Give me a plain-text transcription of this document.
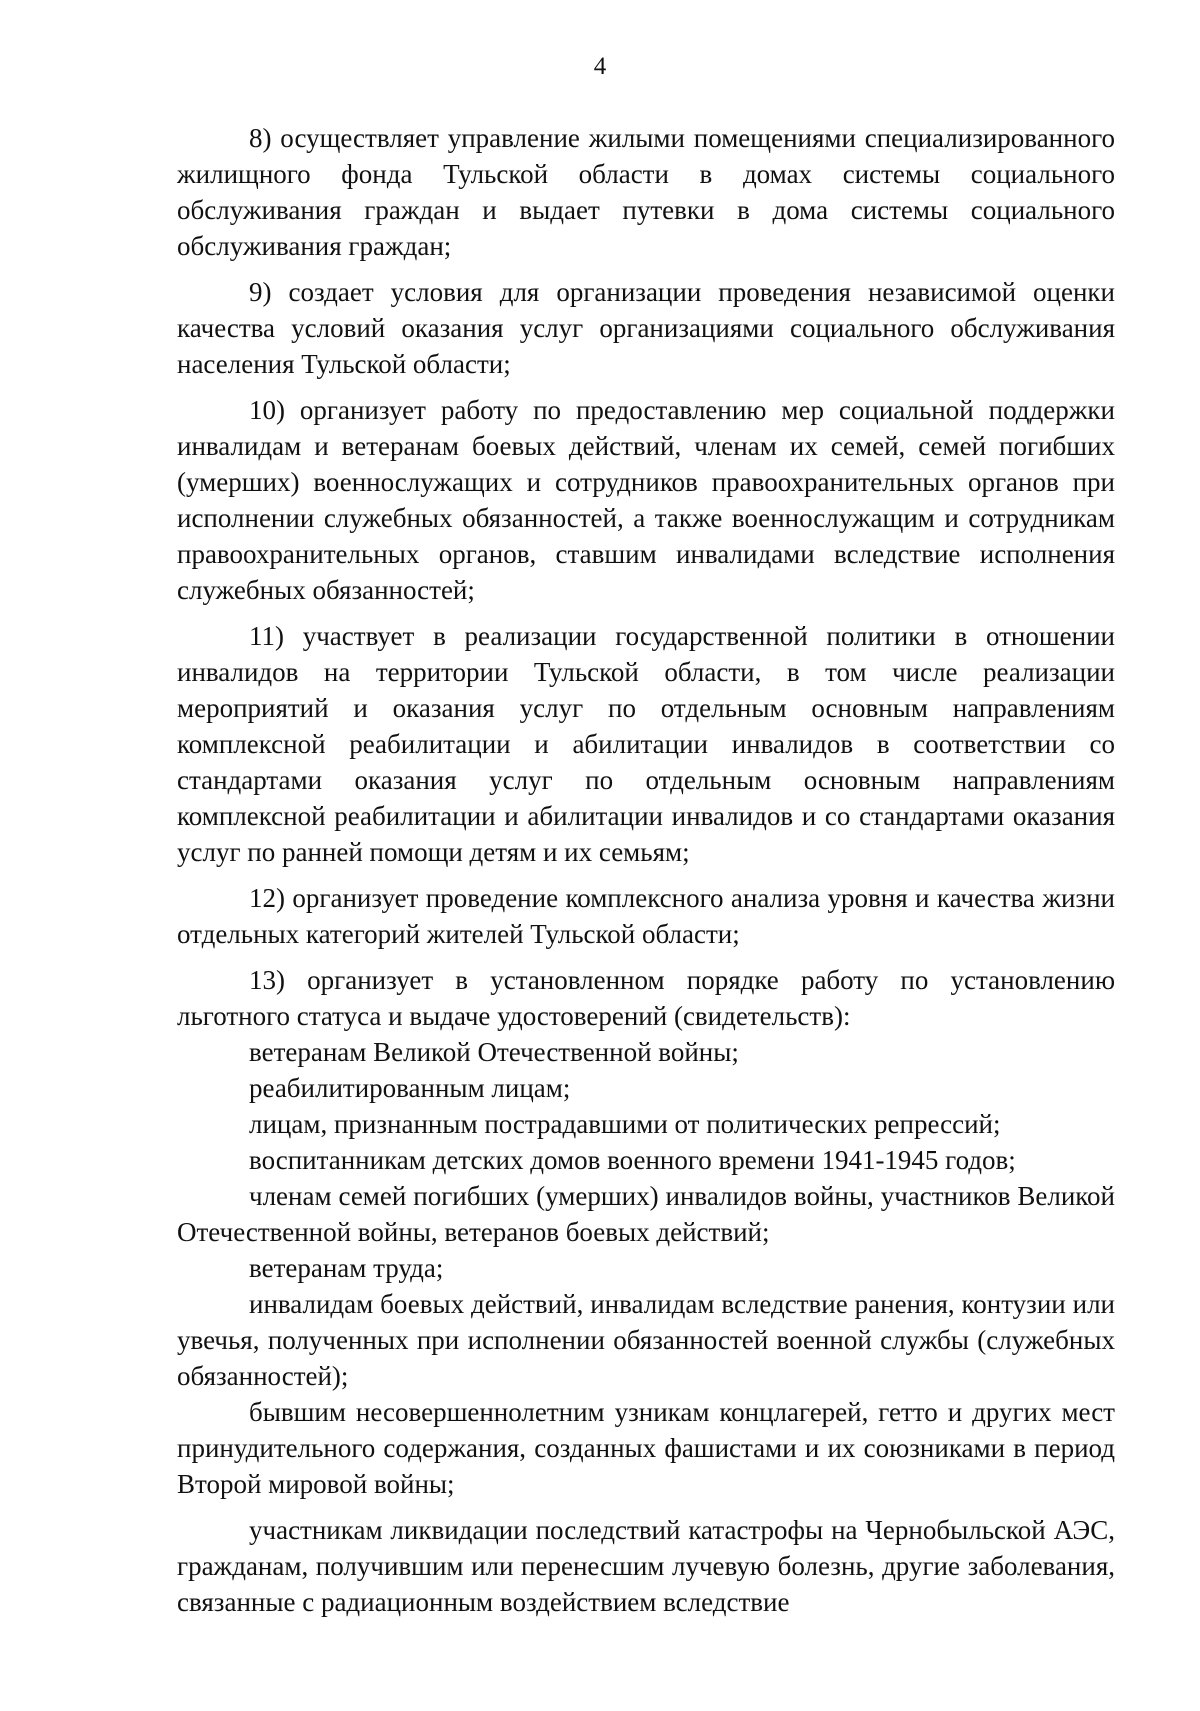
4

8) осуществляет управление жилыми помещениями специализированного жилищного фонда Тульской области в домах системы социального обслуживания граждан и выдает путевки в дома системы социального обслуживания граждан;

9) создает условия для организации проведения независимой оценки качества условий оказания услуг организациями социального обслуживания населения Тульской области;

10) организует работу по предоставлению мер социальной поддержки инвалидам и ветеранам боевых действий, членам их семей, семей погибших (умерших) военнослужащих и сотрудников правоохранительных органов при исполнении служебных обязанностей, а также военнослужащим и сотрудникам правоохранительных органов, ставшим инвалидами вследствие исполнения служебных обязанностей;

11) участвует в реализации государственной политики в отношении инвалидов на территории Тульской области, в том числе реализации мероприятий и оказания услуг по отдельным основным направлениям комплексной реабилитации и абилитации инвалидов в соответствии со стандартами оказания услуг по отдельным основным направлениям комплексной реабилитации и абилитации инвалидов и со стандартами оказания услуг по ранней помощи детям и их семьям;

12) организует проведение комплексного анализа уровня и качества жизни отдельных категорий жителей Тульской области;

13) организует в установленном порядке работу по установлению льготного статуса и выдаче удостоверений (свидетельств):

ветеранам Великой Отечественной войны;

реабилитированным лицам;

лицам, признанным пострадавшими от политических репрессий;

воспитанникам детских домов военного времени 1941-1945 годов;

членам семей погибших (умерших) инвалидов войны, участников Великой Отечественной войны, ветеранов боевых действий;

ветеранам труда;

инвалидам боевых действий, инвалидам вследствие ранения, контузии или увечья, полученных при исполнении обязанностей военной службы (служебных обязанностей);

бывшим несовершеннолетним узникам концлагерей, гетто и других мест принудительного содержания, созданных фашистами и их союзниками в период Второй мировой войны;

участникам ликвидации последствий катастрофы на Чернобыльской АЭС, гражданам, получившим или перенесшим лучевую болезнь, другие заболевания, связанные с радиационным воздействием вследствие
